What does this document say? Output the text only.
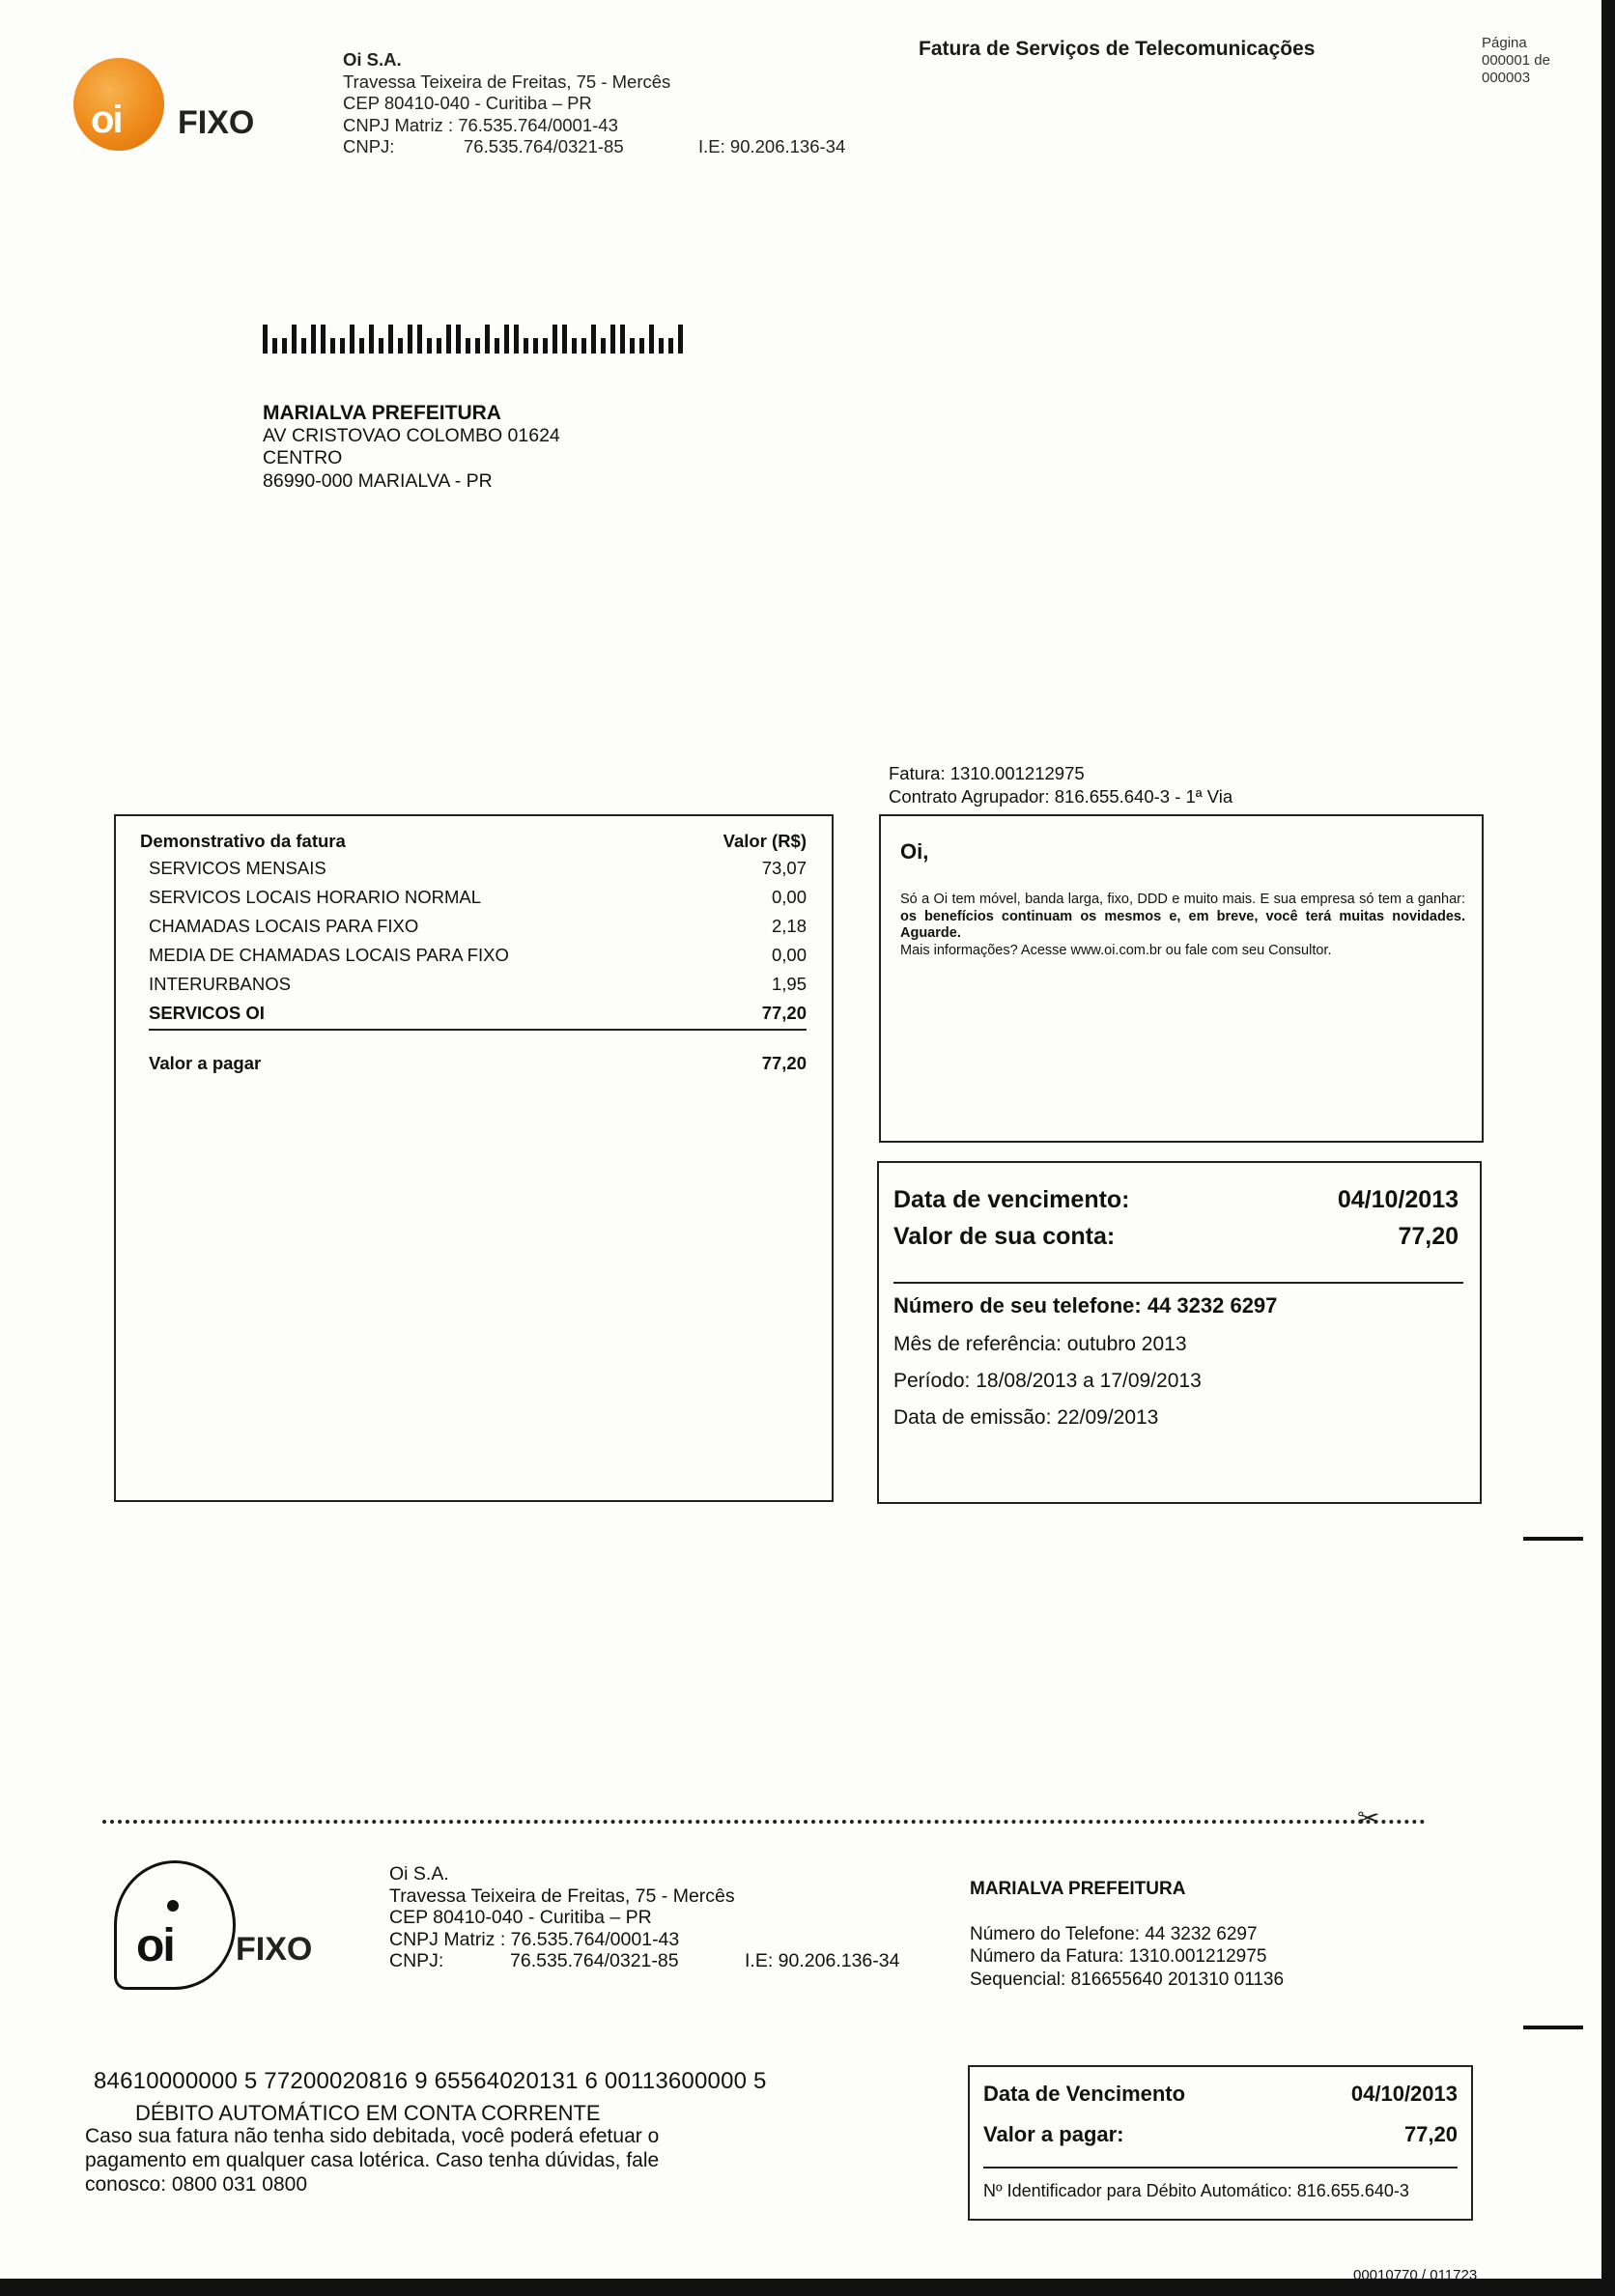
oi FIXO
Oi S.A.
Travessa Teixeira de Freitas, 75 - Mercês
CEP 80410-040 - Curitiba – PR
CNPJ Matriz : 76.535.764/0001-43
CNPJ:	76.535.764/0321-85	I.E: 90.206.136-34
Fatura de Serviços de Telecomunicações	Página
000001 de
000003
MARIALVA PREFEITURA
AV CRISTOVAO COLOMBO 01624
CENTRO
86990-000 MARIALVA - PR
Fatura: 1310.001212975
Contrato Agrupador: 816.655.640-3 - 1ª Via
Demonstrativo da fatura	Valor (R$)
SERVICOS MENSAIS	73,07
SERVICOS LOCAIS HORARIO NORMAL	0,00
CHAMADAS LOCAIS PARA FIXO	2,18
MEDIA DE CHAMADAS LOCAIS PARA FIXO	0,00
INTERURBANOS	1,95
SERVICOS OI	77,20
Valor a pagar	77,20
Oi,
Só a Oi tem móvel, banda larga, fixo, DDD e muito mais. E sua empresa só tem a ganhar: os benefícios continuam os mesmos e, em breve, você terá muitas novidades. Aguarde.
Mais informações? Acesse www.oi.com.br ou fale com seu Consultor.
Data de vencimento:	04/10/2013
Valor de sua conta:	77,20
Número de seu telefone: 44 3232 6297
Mês de referência: outubro 2013
Período: 18/08/2013 a 17/09/2013
Data de emissão: 22/09/2013
✂
oi FIXO
Oi S.A.
Travessa Teixeira de Freitas, 75 - Mercês
CEP 80410-040 - Curitiba – PR
CNPJ Matriz : 76.535.764/0001-43
CNPJ:	76.535.764/0321-85	I.E: 90.206.136-34
MARIALVA PREFEITURA
Número do Telefone: 44 3232 6297
Número da Fatura: 1310.001212975
Sequencial: 816655640 201310 01136
84610000000 5 77200020816 9 65564020131 6 00113600000 5
DÉBITO AUTOMÁTICO EM CONTA CORRENTE
Caso sua fatura não tenha sido debitada, você poderá efetuar o pagamento em qualquer casa lotérica. Caso tenha dúvidas, fale conosco: 0800 031 0800
Data de Vencimento	04/10/2013
Valor a pagar:	77,20
Nº Identificador para Débito Automático: 816.655.640-3
00010770 / 011723
